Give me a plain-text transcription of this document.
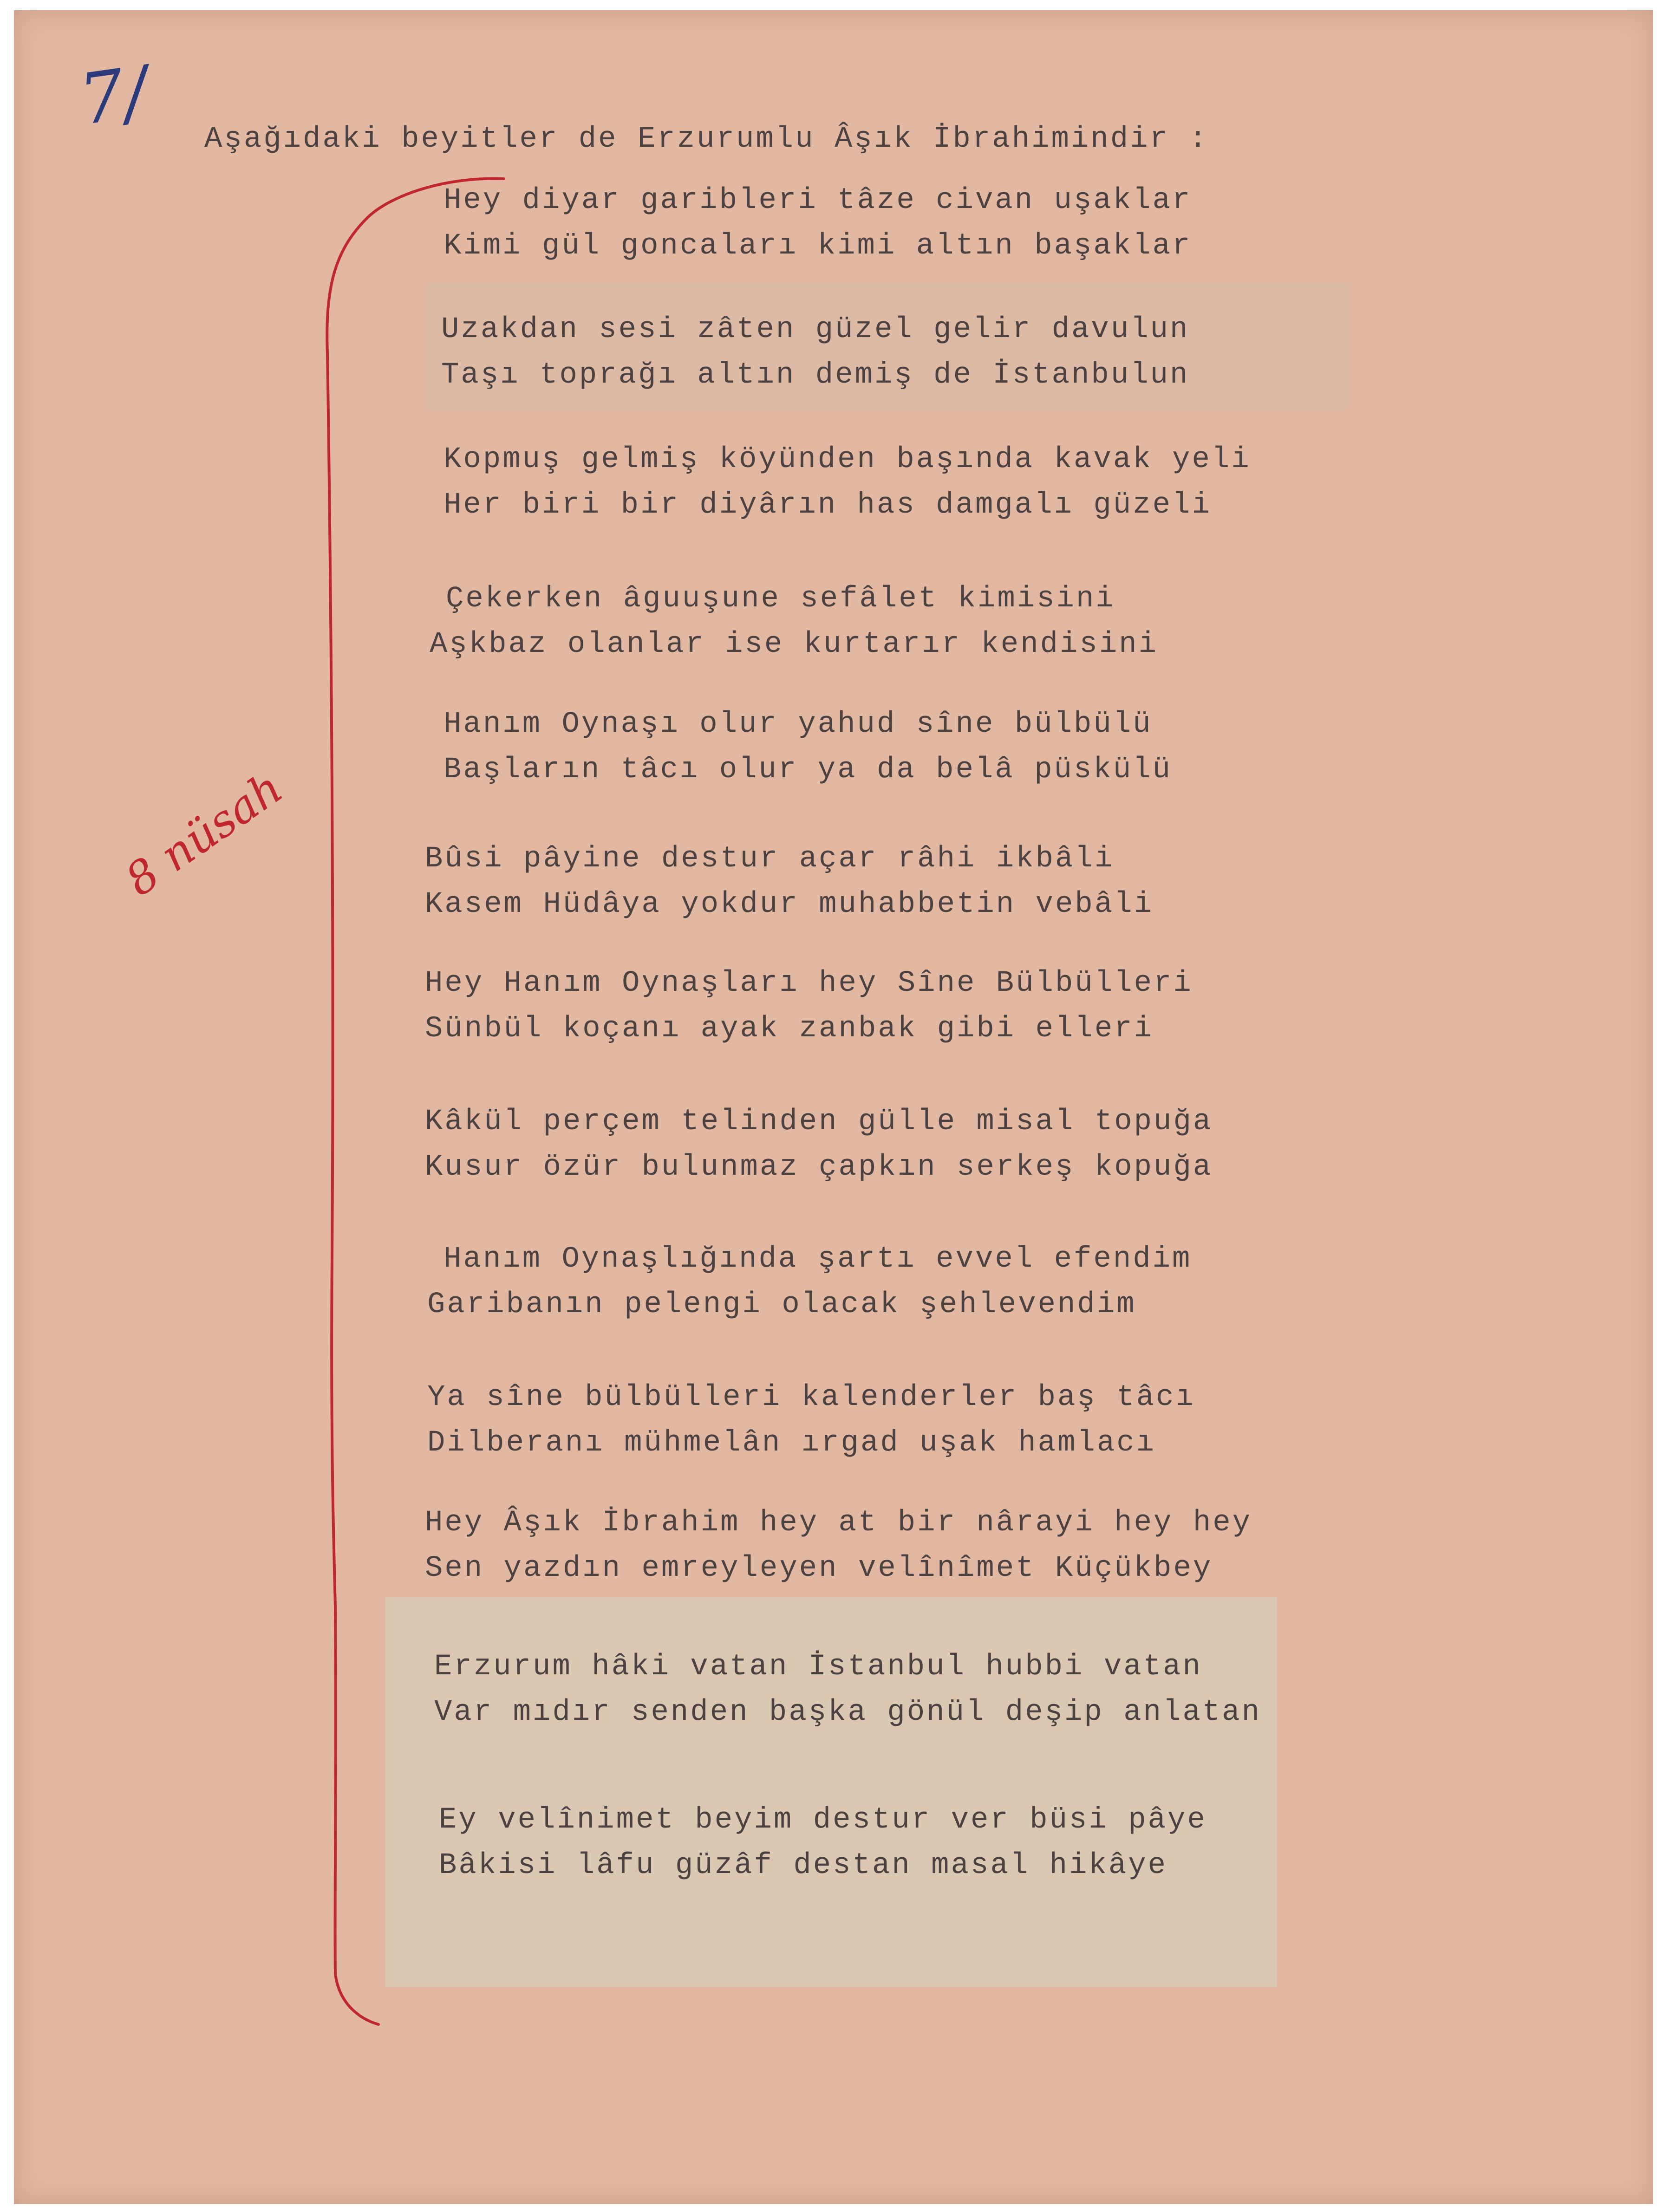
7/

8 nüsah

Aşağıdaki beyitler de Erzurumlu Âşık İbrahimindir :

Hey diyar garibleri tâze civan uşaklar

Kimi gül goncaları kimi altın başaklar

Uzakdan sesi zâten güzel gelir davulun

Taşı toprağı altın demiş de İstanbulun

Kopmuş gelmiş köyünden başında kavak yeli

Her biri bir diyârın has damgalı güzeli

Çekerken âguuşune sefâlet kimisini

Aşkbaz olanlar ise kurtarır kendisini

Hanım Oynaşı olur yahud sîne bülbülü

Başların tâcı olur ya da belâ püskülü

Bûsi pâyine destur açar râhi ikbâli

Kasem Hüdâya yokdur muhabbetin vebâli

Hey Hanım Oynaşları hey Sîne Bülbülleri

Sünbül koçanı ayak zanbak gibi elleri

Kâkül perçem telinden gülle misal topuğa

Kusur özür bulunmaz çapkın serkeş kopuğa

Hanım Oynaşlığında şartı evvel efendim

Garibanın pelengi olacak şehlevendim

Ya sîne bülbülleri kalenderler baş tâcı

Dilberanı mühmelân ırgad uşak hamlacı

Hey Âşık İbrahim hey at bir nârayi hey hey

Sen yazdın emreyleyen velînîmet Küçükbey

Erzurum hâki vatan İstanbul hubbi vatan

Var mıdır senden başka gönül deşip anlatan

Ey velînimet beyim destur ver büsi pâye

Bâkisi lâfu güzâf destan masal hikâye
